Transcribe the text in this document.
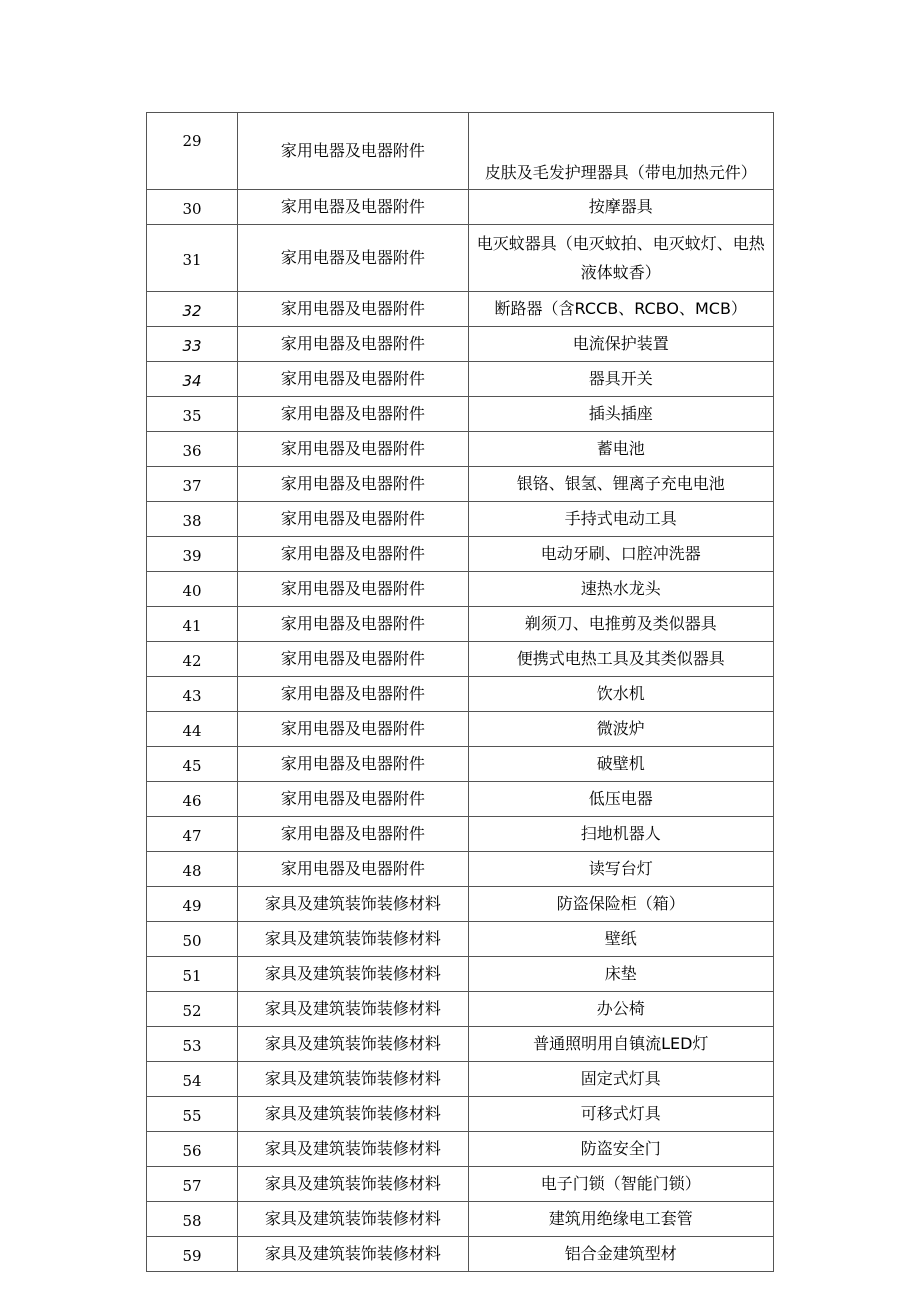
29	家用电器及电器附件	皮肤及毛发护理器具（带电加热元件）
30	家用电器及电器附件	按摩器具
31	家用电器及电器附件	电灭蚊器具（电灭蚊拍、电灭蚊灯、电热液体蚊香）
32	家用电器及电器附件	断路器（含RCCB、RCBO、MCB）
33	家用电器及电器附件	电流保护装置
34	家用电器及电器附件	器具开关
35	家用电器及电器附件	插头插座
36	家用电器及电器附件	蓄电池
37	家用电器及电器附件	银铬、银氢、锂离子充电电池
38	家用电器及电器附件	手持式电动工具
39	家用电器及电器附件	电动牙刷、口腔冲洗器
40	家用电器及电器附件	速热水龙头
41	家用电器及电器附件	剃须刀、电推剪及类似器具
42	家用电器及电器附件	便携式电热工具及其类似器具
43	家用电器及电器附件	饮水机
44	家用电器及电器附件	微波炉
45	家用电器及电器附件	破壁机
46	家用电器及电器附件	低压电器
47	家用电器及电器附件	扫地机器人
48	家用电器及电器附件	读写台灯
49	家具及建筑装饰装修材料	防盗保险柜（箱）
50	家具及建筑装饰装修材料	壁纸
51	家具及建筑装饰装修材料	床垫
52	家具及建筑装饰装修材料	办公椅
53	家具及建筑装饰装修材料	普通照明用自镇流LED灯
54	家具及建筑装饰装修材料	固定式灯具
55	家具及建筑装饰装修材料	可移式灯具
56	家具及建筑装饰装修材料	防盗安全门
57	家具及建筑装饰装修材料	电子门锁（智能门锁）
58	家具及建筑装饰装修材料	建筑用绝缘电工套管
59	家具及建筑装饰装修材料	铝合金建筑型材
